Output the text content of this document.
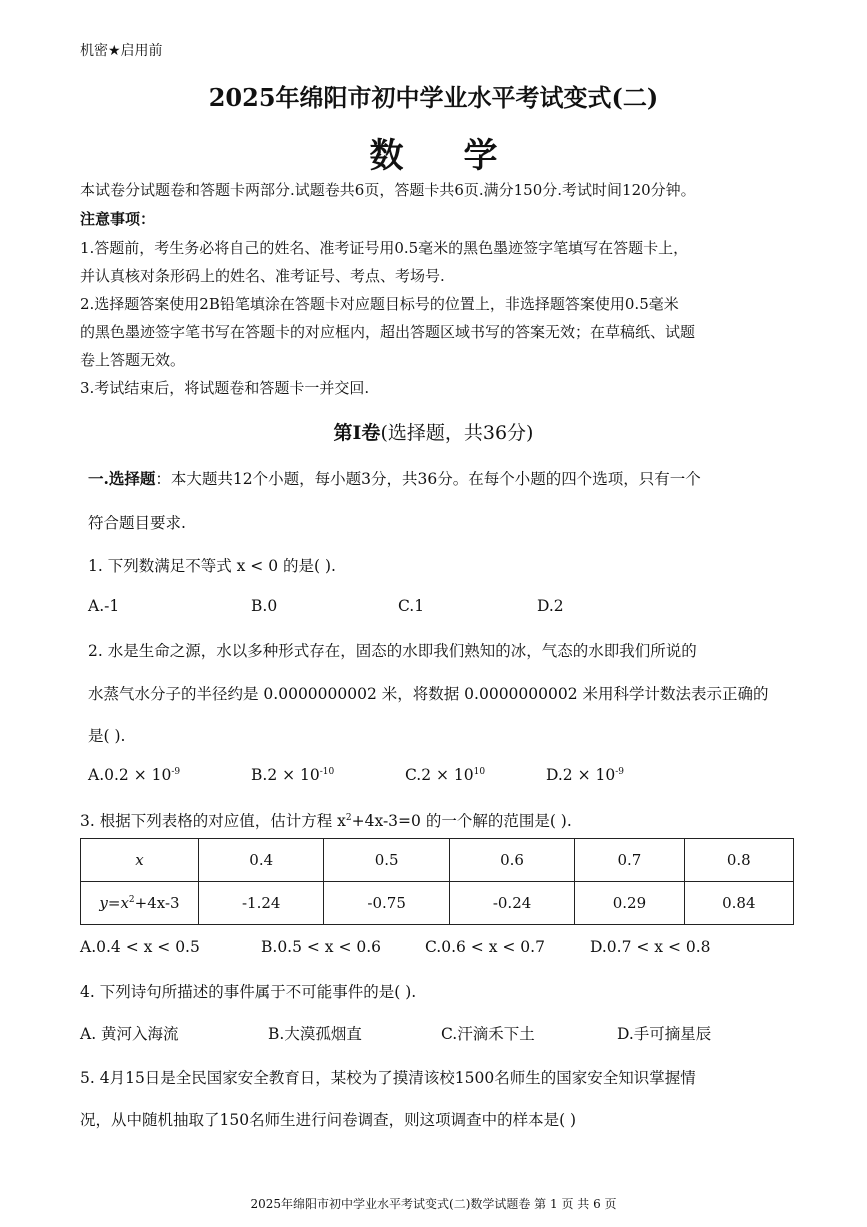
机密★启用前
2025年绵阳市初中学业水平考试变式(二)
数学
本试卷分试题卷和答题卡两部分.试题卷共6页，答题卡共6页.满分150分.考试时间120分钟。
注意事项：
1.答题前，考生务必将自己的姓名、准考证号用0.5毫米的黑色墨迹签字笔填写在答题卡上，
并认真核对条形码上的姓名、准考证号、考点、考场号.
2.选择题答案使用2B铅笔填涂在答题卡对应题目标号的位置上，非选择题答案使用0.5毫米
的黑色墨迹签字笔书写在答题卡的对应框内，超出答题区域书写的答案无效；在草稿纸、试题
卷上答题无效。
3.考试结束后，将试题卷和答题卡一并交回.
第Ⅰ卷(选择题，共36分)
一.选择题：本大题共12个小题，每小题3分，共36分。在每个小题的四个选项，只有一个
符合题目要求.
1. 下列数满足不等式 x < 0 的是( ).
A.-1	B.0	C.1	D.2
2. 水是生命之源，水以多种形式存在，固态的水即我们熟知的冰，气态的水即我们所说的
水蒸气水分子的半径约是 0.0000000002 米，将数据 0.0000000002 米用科学计数法表示正确的
是( ).
$A.0.2 \times 10^{-9}$	$B.2 \times 10^{-10}$	$C.2 \times 10^{10}$	$D.2 \times 10^{-9}$
3. 根据下列表格的对应值，估计方程 $x^2+4x-3=0$ 的一个解的范围是( ).
x	0.4	0.5	0.6	0.7	0.8
$y=x^2+4x-3$	-1.24	-0.75	-0.24	0.29	0.84
A.0.4 < x < 0.5	B.0.5 < x < 0.6	C.0.6 < x < 0.7	D.0.7 < x < 0.8
4. 下列诗句所描述的事件属于不可能事件的是( ).
A. 黄河入海流	B.大漠孤烟直	C.汗滴禾下土	D.手可摘星辰
5. 4月15日是全民国家安全教育日，某校为了摸清该校1500名师生的国家安全知识掌握情
况，从中随机抽取了150名师生进行问卷调查，则这项调查中的样本是( )
2025年绵阳市初中学业水平考试变式(二)数学试题卷 第 1 页 共 6 页
